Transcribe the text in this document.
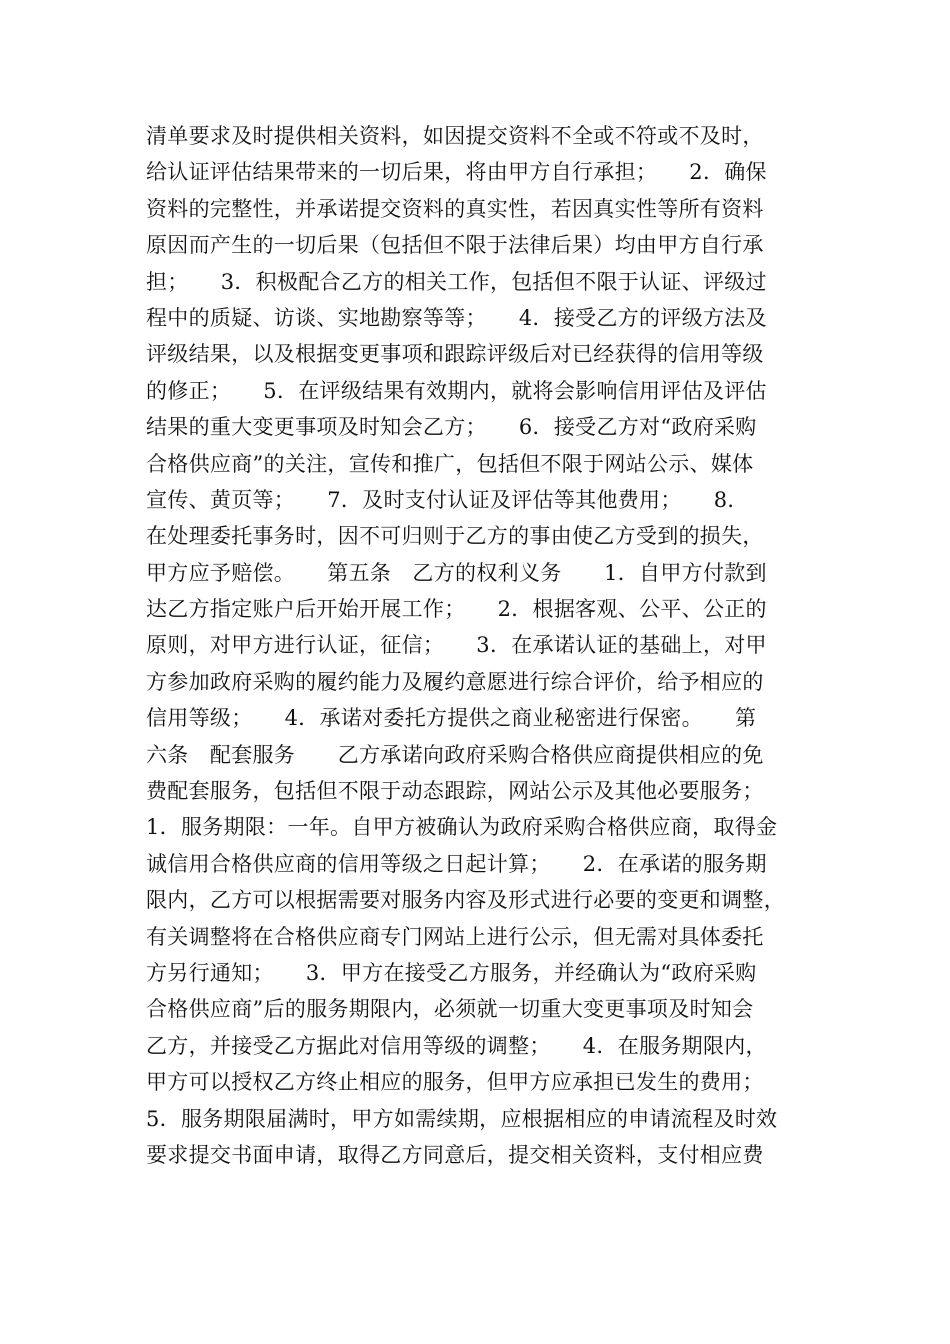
清单要求及时提供相关资料，如因提交资料不全或不符或不及时，
给认证评估结果带来的一切后果，将由甲方自行承担；　　2．确保
资料的完整性，并承诺提交资料的真实性，若因真实性等所有资料
原因而产生的一切后果（包括但不限于法律后果）均由甲方自行承
担；　　3．积极配合乙方的相关工作，包括但不限于认证、评级过
程中的质疑、访谈、实地勘察等等；　　4．接受乙方的评级方法及
评级结果，以及根据变更事项和跟踪评级后对已经获得的信用等级
的修正；　　5．在评级结果有效期内，就将会影响信用评估及评估
结果的重大变更事项及时知会乙方；　　6．接受乙方对“政府采购
合格供应商”的关注，宣传和推广，包括但不限于网站公示、媒体
宣传、黄页等；　　7．及时支付认证及评估等其他费用；　　8．
在处理委托事务时，因不可归则于乙方的事由使乙方受到的损失，
甲方应予赔偿。　　第五条　乙方的权利义务　　1．自甲方付款到
达乙方指定账户后开始开展工作；　　2．根据客观、公平、公正的
原则，对甲方进行认证，征信；　　3．在承诺认证的基础上，对甲
方参加政府采购的履约能力及履约意愿进行综合评价，给予相应的
信用等级；　　4．承诺对委托方提供之商业秘密进行保密。　　第
六条　配套服务　　乙方承诺向政府采购合格供应商提供相应的免
费配套服务，包括但不限于动态跟踪，网站公示及其他必要服务；
1．服务期限：一年。自甲方被确认为政府采购合格供应商，取得金
诚信用合格供应商的信用等级之日起计算；　　2．在承诺的服务期
限内，乙方可以根据需要对服务内容及形式进行必要的变更和调整，
有关调整将在合格供应商专门网站上进行公示，但无需对具体委托
方另行通知；　　3．甲方在接受乙方服务，并经确认为“政府采购
合格供应商”后的服务期限内，必须就一切重大变更事项及时知会
乙方，并接受乙方据此对信用等级的调整；　　4．在服务期限内，
甲方可以授权乙方终止相应的服务，但甲方应承担已发生的费用；
5．服务期限届满时，甲方如需续期，应根据相应的申请流程及时效
要求提交书面申请，取得乙方同意后，提交相关资料，支付相应费
